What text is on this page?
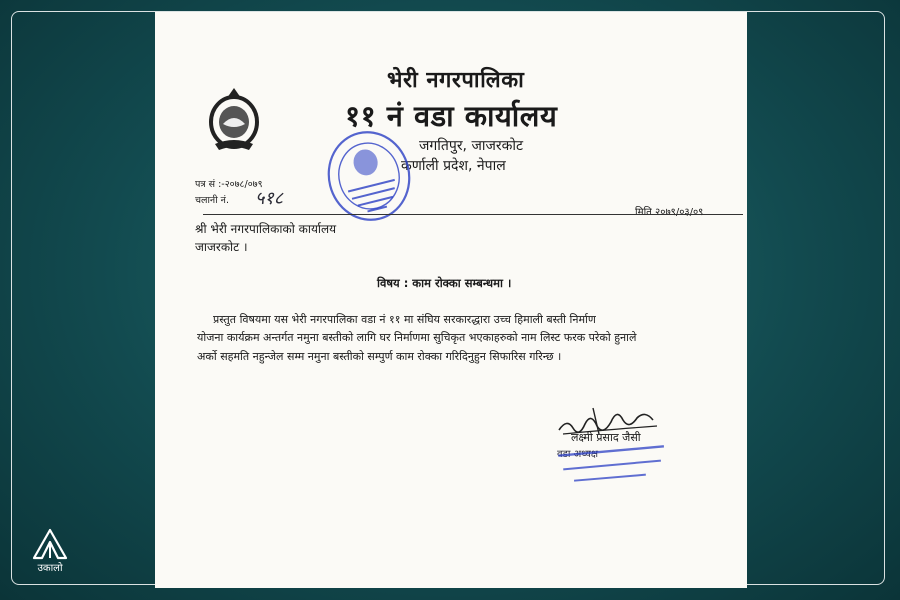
भेरी नगरपालिका
११ नं वडा कार्यालय
जगतिपुर, जाजरकोट
कर्णाली प्रदेश, नेपाल
पत्र सं :-२०७८/०७९
चलानी नं. ५१८
मिति २०७९/०३/०९
श्री भेरी नगरपालिकाको कार्यालय
जाजरकोट ।
विषय : काम रोक्का सम्बन्धमा ।
प्रस्तुत विषयमा यस भेरी नगरपालिका वडा नं ११ मा संघिय सरकारद्धारा उच्च हिमाली बस्ती निर्माण
योजना कार्यक्रम अन्तर्गत नमुना बस्तीको लागि घर निर्माणमा सुचिकृत भएकाहरुको नाम लिस्ट फरक परेको हुनाले
अर्को सहमति नहुन्जेल सम्म नमुना बस्तीको सम्पुर्ण काम रोक्का गरिदिनुहुन सिफारिस गरिन्छ ।
लक्ष्मी प्रसाद जैसी
वडा अध्यक्ष
उकालो
